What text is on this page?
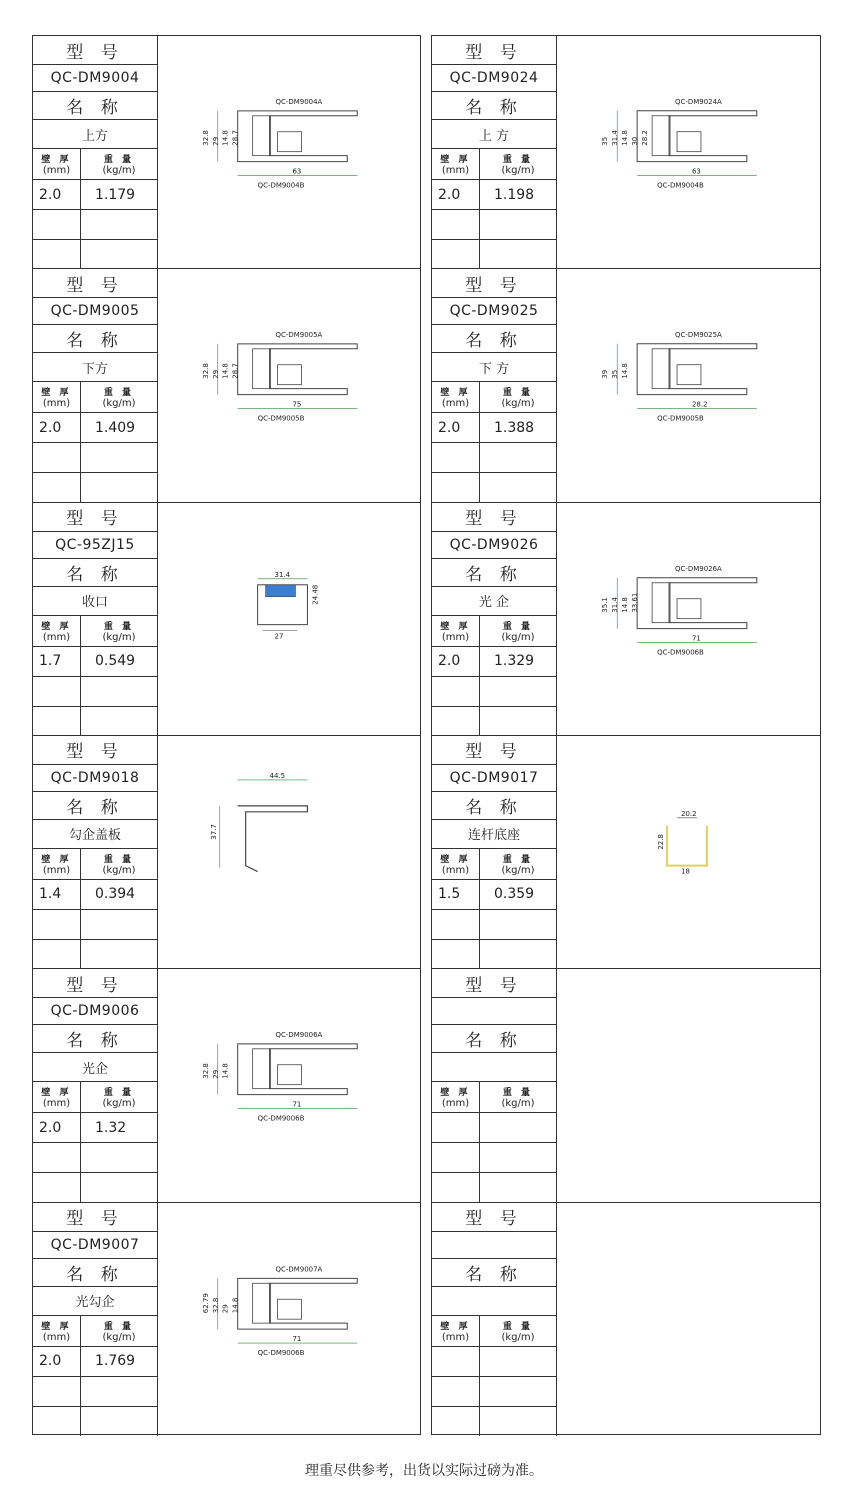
型 号
QC-DM9004
名 称
上方
壁 厚
(mm)
重 量
(kg/m)
2.0	1.179
QC-DM9004A
QC-DM9004B
32.8 29 14.8 28.7
63
型 号
QC-DM9005
名 称
下方
壁 厚
(mm)
重 量
(kg/m)
2.0	1.409
QC-DM9005A
QC-DM9005B
32.8 29 14.8 28.7
75
型 号
QC-95ZJ15
名 称
收口
壁 厚
(mm)
重 量
(kg/m)
1.7	0.549
31.4
24.48
27
型 号
QC-DM9018
名 称
勾企盖板
壁 厚
(mm)
重 量
(kg/m)
1.4	0.394
44.5
37.7
型 号
QC-DM9006
名 称
光企
壁 厚
(mm)
重 量
(kg/m)
2.0	1.32
QC-DM9006A
QC-DM9006B
32.8 29 14.8
71
型 号
QC-DM9007
名 称
光勾企
壁 厚
(mm)
重 量
(kg/m)
2.0	1.769
QC-DM9007A
QC-DM9006B
62.79 32.8 29 14.8
71
型 号
QC-DM9024
名 称
上 方
壁 厚
(mm)
重 量
(kg/m)
2.0	1.198
QC-DM9024A
QC-DM9004B
35 31.4 14.8 30 28.2
63
型 号
QC-DM9025
名 称
下 方
壁 厚
(mm)
重 量
(kg/m)
2.0	1.388
QC-DM9025A
QC-DM9005B
39 35 14.8
28.2
型 号
QC-DM9026
名 称
光 企
壁 厚
(mm)
重 量
(kg/m)
2.0	1.329
QC-DM9026A
QC-DM9006B
35.1 31.4 14.8 33.61
71
型 号
QC-DM9017
名 称
连杆底座
壁 厚
(mm)
重 量
(kg/m)
1.5	0.359
20.2
22.8
18
型 号
名 称
壁 厚
(mm)
重 量
(kg/m)
型 号
名 称
壁 厚
(mm)
重 量
(kg/m)
理重尽供参考，出货以实际过磅为准。
